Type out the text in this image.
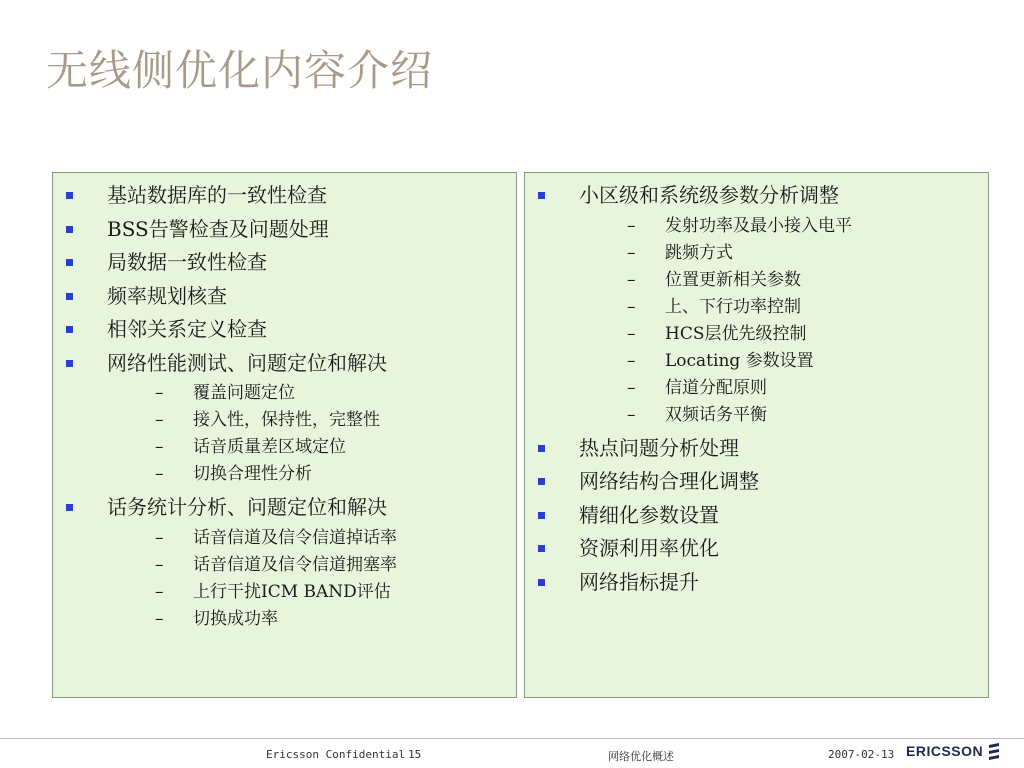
无线侧优化内容介绍
基站数据库的一致性检查
BSS告警检查及问题处理
局数据一致性检查
频率规划核查
相邻关系定义检查
网络性能测试、问题定位和解决
– 覆盖问题定位
– 接入性，保持性，完整性
– 话音质量差区域定位
– 切换合理性分析
话务统计分析、问题定位和解决
– 话音信道及信令信道掉话率
– 话音信道及信令信道拥塞率
– 上行干扰ICM BAND评估
– 切换成功率
小区级和系统级参数分析调整
– 发射功率及最小接入电平
– 跳频方式
– 位置更新相关参数
– 上、下行功率控制
– HCS层优先级控制
– Locating 参数设置
– 信道分配原则
– 双频话务平衡
热点问题分析处理
网络结构合理化调整
精细化参数设置
资源利用率优化
网络指标提升
Ericsson Confidential 15	网络优化概述	2007-02-13 ERICSSON
